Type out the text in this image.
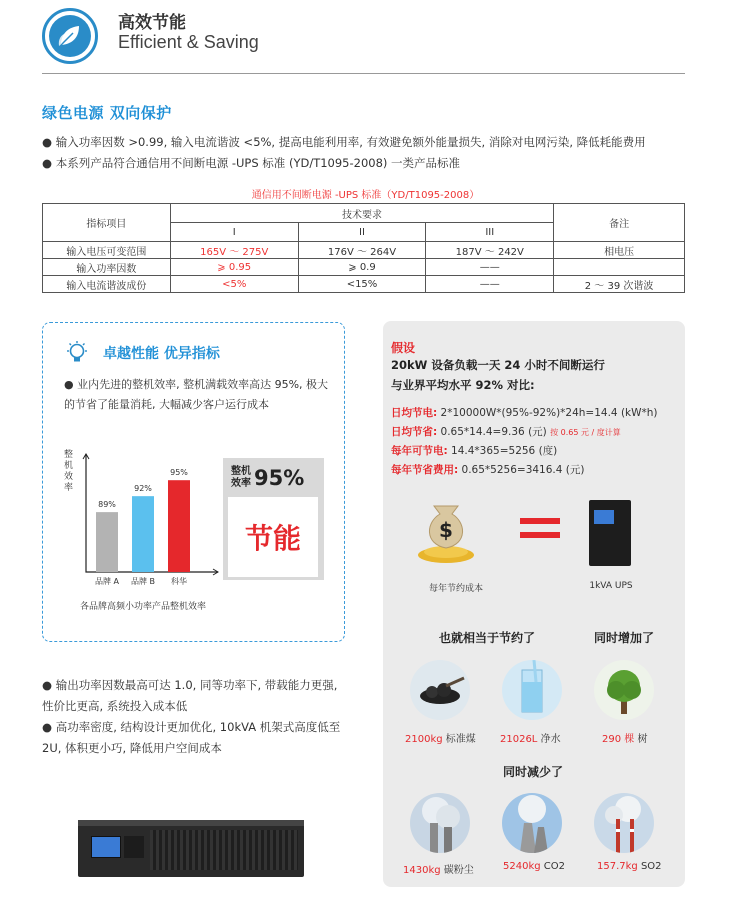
高效节能
Efficient & Saving
绿色电源 双向保护
● 输入功率因数 >0.99, 输入电流谐波 <5%, 提高电能利用率, 有效避免额外能量损失, 消除对电网污染, 降低耗能费用
● 本系列产品符合通信用不间断电源 -UPS 标准 (YD/T1095-2008) 一类产品标准
通信用不间断电源 -UPS 标准（YD/T1095-2008）
指标项目	技术要求			备注
	I	II	III	
输入电压可变范围	165V ～ 275V	176V ～ 264V	187V ～ 242V	相电压
输入功率因数	⩾ 0.95	⩾ 0.9	——	
输入电流谐波成份	<5%	<15%	——	2 ～ 39 次谐波
卓越性能 优异指标
● 业内先进的整机效率, 整机满载效率高达 95%, 极大的节省了能量消耗, 大幅减少客户运行成本
整机效率
89%
品牌 A
92%
品牌 B
95%
科华
各品牌高频小功率产品整机效率
整机
效率 95%
节能
● 输出功率因数最高可达 1.0, 同等功率下, 带载能力更强, 性价比更高, 系统投入成本低
● 高功率密度, 结构设计更加优化, 10kVA 机架式高度低至 2U, 体积更小巧, 降低用户空间成本
假设
20kW 设备负载一天 24 小时不间断运行
与业界平均水平 92% 对比:
日均节电: 2*10000W*(95%-92%)*24h=14.4 (kW*h)
日均节省: 0.65*14.4=9.36 (元) 按 0.65 元 / 度计算
每年可节电: 14.4*365=5256 (度)
每年节省费用: 0.65*5256=3416.4 (元)
$
每年节约成本	1kVA UPS
也就相当于节约了	同时增加了
2100kg 标准煤 21026L 净水	290 棵 树
同时减少了
1430kg 碳粉尘	5240kg CO2	157.7kg SO2
